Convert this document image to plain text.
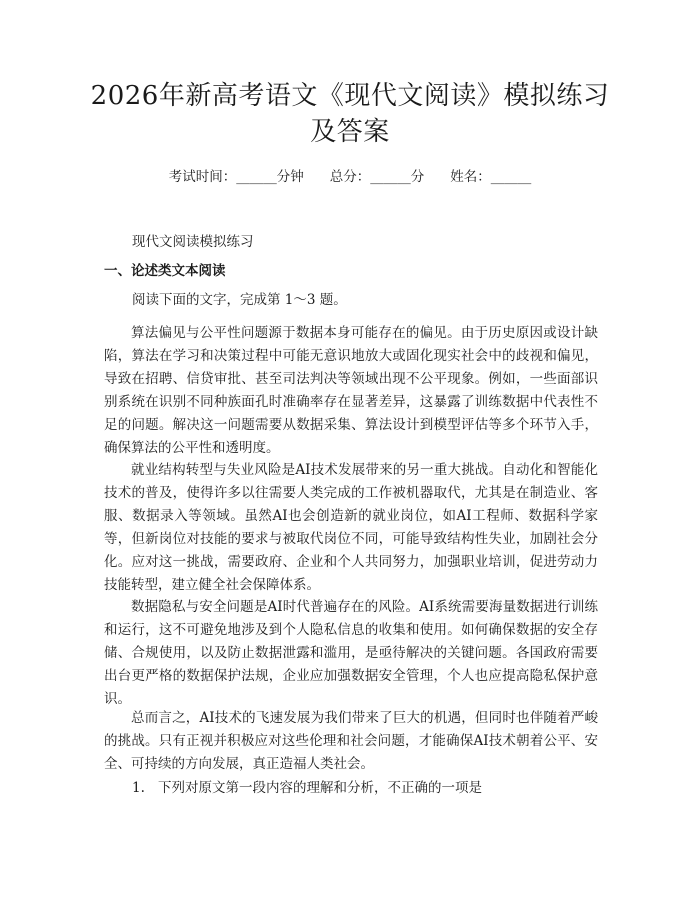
2026年新高考语文《现代文阅读》模拟练习及答案
考试时间：______分钟 总分：______分 姓名：______
现代文阅读模拟练习
一、论述类文本阅读
阅读下面的文字，完成第 1～3 题。

算法偏见与公平性问题源于数据本身可能存在的偏见。由于历史原因或设计缺陷，算法在学习和决策过程中可能无意识地放大或固化现实社会中的歧视和偏见，导致在招聘、信贷审批、甚至司法判决等领域出现不公平现象。例如，一些面部识别系统在识别不同种族面孔时准确率存在显著差异，这暴露了训练数据中代表性不足的问题。解决这一问题需要从数据采集、算法设计到模型评估等多个环节入手，确保算法的公平性和透明度。

就业结构转型与失业风险是AI技术发展带来的另一重大挑战。自动化和智能化技术的普及，使得许多以往需要人类完成的工作被机器取代，尤其是在制造业、客服、数据录入等领域。虽然AI也会创造新的就业岗位，如AI工程师、数据科学家等，但新岗位对技能的要求与被取代岗位不同，可能导致结构性失业，加剧社会分化。应对这一挑战，需要政府、企业和个人共同努力，加强职业培训，促进劳动力技能转型，建立健全社会保障体系。

数据隐私与安全问题是AI时代普遍存在的风险。AI系统需要海量数据进行训练和运行，这不可避免地涉及到个人隐私信息的收集和使用。如何确保数据的安全存储、合规使用，以及防止数据泄露和滥用，是亟待解决的关键问题。各国政府需要出台更严格的数据保护法规，企业应加强数据安全管理，个人也应提高隐私保护意识。

总而言之，AI技术的飞速发展为我们带来了巨大的机遇，但同时也伴随着严峻的挑战。只有正视并积极应对这些伦理和社会问题，才能确保AI技术朝着公平、安全、可持续的方向发展，真正造福人类社会。

1. 下列对原文第一段内容的理解和分析，不正确的一项是
